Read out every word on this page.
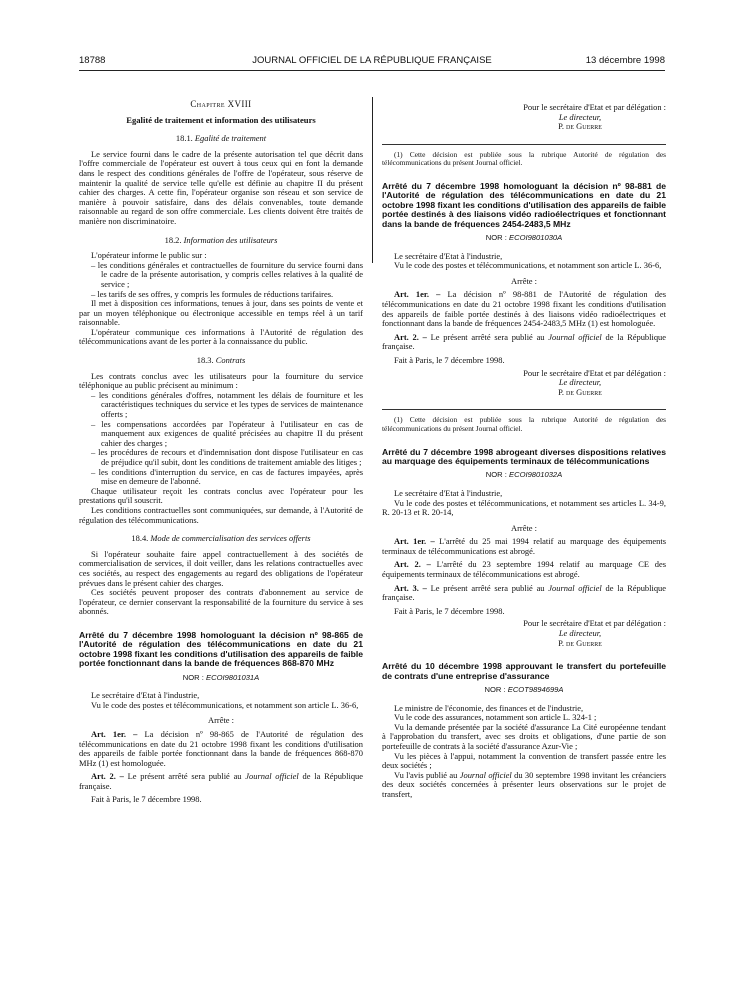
18788	JOURNAL OFFICIEL DE LA RÉPUBLIQUE FRANÇAISE	13 décembre 1998
Chapitre XVIII
Egalité de traitement et information des utilisateurs
18.1. Egalité de traitement

Le service fourni dans le cadre de la présente autorisation tel que décrit dans l'offre commerciale de l'opérateur est ouvert à tous ceux qui en font la demande dans le respect des conditions générales de l'offre de l'opérateur, sous réserve de maintenir la qualité de service telle qu'elle est définie au chapitre II du présent cahier des charges. A cette fin, l'opérateur organise son réseau et son service de manière à pouvoir satisfaire, dans des délais convenables, toute demande raisonnable au regard de son offre commerciale. Les clients doivent être traités de manière non discriminatoire.

18.2. Information des utilisateurs

L'opérateur informe le public sur :

– les conditions générales et contractuelles de fourniture du service fourni dans le cadre de la présente autorisation, y compris celles relatives à la qualité de service ;

– les tarifs de ses offres, y compris les formules de réductions tarifaires.

Il met à disposition ces informations, tenues à jour, dans ses points de vente et par un moyen téléphonique ou électronique accessible en temps réel à un tarif raisonnable.

L'opérateur communique ces informations à l'Autorité de régulation des télécommunications avant de les porter à la connaissance du public.

18.3. Contrats

Les contrats conclus avec les utilisateurs pour la fourniture du service téléphonique au public précisent au minimum :

– les conditions générales d'offres, notamment les délais de fourniture et les caractéristiques techniques du service et les types de services de maintenance offerts ;

– les compensations accordées par l'opérateur à l'utilisateur en cas de manquement aux exigences de qualité précisées au chapitre II du présent cahier des charges ;

– les procédures de recours et d'indemnisation dont dispose l'utilisateur en cas de préjudice qu'il subit, dont les conditions de traitement amiable des litiges ;

– les conditions d'interruption du service, en cas de factures impayées, après mise en demeure de l'abonné.

Chaque utilisateur reçoit les contrats conclus avec l'opérateur pour les prestations qu'il souscrit.

Les conditions contractuelles sont communiquées, sur demande, à l'Autorité de régulation des télécommunications.

18.4. Mode de commercialisation des services offerts

Si l'opérateur souhaite faire appel contractuellement à des sociétés de commercialisation de services, il doit veiller, dans les relations contractuelles avec ces sociétés, au respect des engagements au regard des obligations de l'opérateur prévues dans le présent cahier des charges.

Ces sociétés peuvent proposer des contrats d'abonnement au service de l'opérateur, ce dernier conservant la responsabilité de la fourniture du service à ses abonnés.

Arrêté du 7 décembre 1998 homologuant la décision nº 98-865 de l'Autorité de régulation des télécommunications en date du 21 octobre 1998 fixant les conditions d'utilisation des appareils de faible portée fonctionnant dans la bande de fréquences 868-870 MHz
NOR : ECOI9801031A

Le secrétaire d'Etat à l'industrie,

Vu le code des postes et télécommunications, et notamment son article L. 36-6,

Arrête :

Art. 1er. – La décision nº 98-865 de l'Autorité de régulation des télécommunications en date du 21 octobre 1998 fixant les conditions d'utilisation des appareils de faible portée fonctionnant dans la bande de fréquences 868-870 MHz (1) est homologuée.

Art. 2. – Le présent arrêté sera publié au Journal officiel de la République française.

Fait à Paris, le 7 décembre 1998.

Pour le secrétaire d'Etat et par délégation :
Le directeur,
P. de Guerre

(1) Cette décision est publiée sous la rubrique Autorité de régulation des télécommunications du présent Journal officiel.

Arrêté du 7 décembre 1998 homologuant la décision nº 98-881 de l'Autorité de régulation des télécommunications en date du 21 octobre 1998 fixant les conditions d'utilisation des appareils de faible portée destinés à des liaisons vidéo radioélectriques et fonctionnant dans la bande de fréquences 2454-2483,5 MHz
NOR : ECOI9801030A

Le secrétaire d'Etat à l'industrie,

Vu le code des postes et télécommunications, et notamment son article L. 36-6,

Arrête :

Art. 1er. – La décision nº 98-881 de l'Autorité de régulation des télécommunications en date du 21 octobre 1998 fixant les conditions d'utilisation des appareils de faible portée destinés à des liaisons vidéo radioélectriques et fonctionnant dans la bande de fréquences 2454-2483,5 MHz (1) est homologuée.

Art. 2. – Le présent arrêté sera publié au Journal officiel de la République française.

Fait à Paris, le 7 décembre 1998.

Pour le secrétaire d'Etat et par délégation :
Le directeur,
P. de Guerre

(1) Cette décision est publiée sous la rubrique Autorité de régulation des télécommunications du présent Journal officiel.

Arrêté du 7 décembre 1998 abrogeant diverses dispositions relatives au marquage des équipements terminaux de télécommunications
NOR : ECOI9801032A

Le secrétaire d'Etat à l'industrie,

Vu le code des postes et télécommunications, et notamment ses articles L. 34-9, R. 20-13 et R. 20-14,

Arrête :

Art. 1er. – L'arrêté du 25 mai 1994 relatif au marquage des équipements terminaux de télécommunications est abrogé.

Art. 2. – L'arrêté du 23 septembre 1994 relatif au marquage CE des équipements terminaux de télécommunications est abrogé.

Art. 3. – Le présent arrêté sera publié au Journal officiel de la République française.

Fait à Paris, le 7 décembre 1998.

Pour le secrétaire d'Etat et par délégation :
Le directeur,
P. de Guerre
Arrêté du 10 décembre 1998 approuvant le transfert du portefeuille de contrats d'une entreprise d'assurance
NOR : ECOT9894699A

Le ministre de l'économie, des finances et de l'industrie,

Vu le code des assurances, notamment son article L. 324-1 ;

Vu la demande présentée par la société d'assurance La Cité européenne tendant à l'approbation du transfert, avec ses droits et obligations, d'une partie de son portefeuille de contrats à la société d'assurance Azur-Vie ;

Vu les pièces à l'appui, notamment la convention de transfert passée entre les deux sociétés ;

Vu l'avis publié au Journal officiel du 30 septembre 1998 invitant les créanciers des deux sociétés concernées à présenter leurs observations sur le projet de transfert,
